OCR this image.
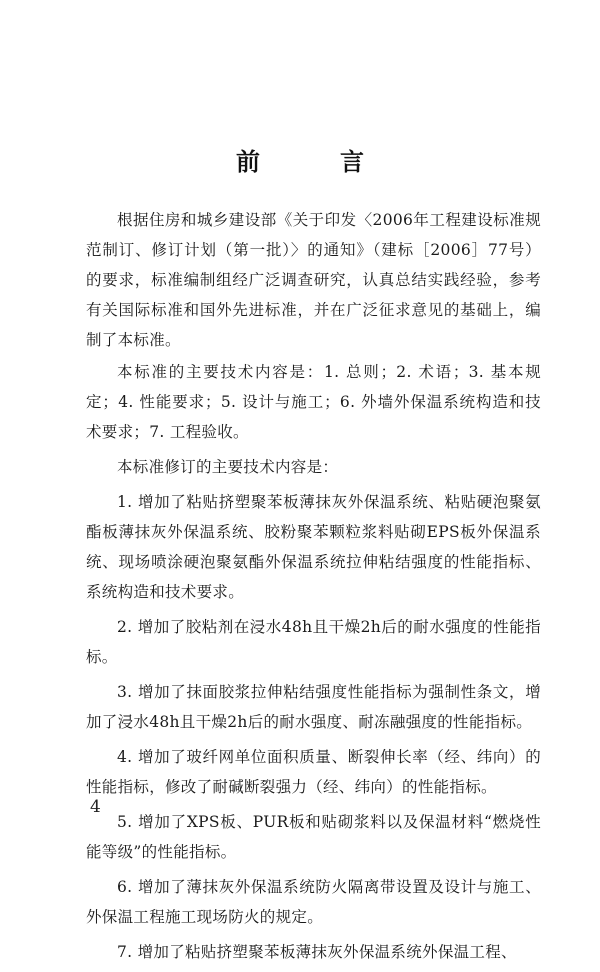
前　言

根据住房和城乡建设部《关于印发〈2006年工程建设标准规范制订、修订计划（第一批）〉的通知》（建标［2006］77号）的要求，标准编制组经广泛调查研究，认真总结实践经验，参考有关国际标准和国外先进标准，并在广泛征求意见的基础上，编制了本标准。

本标准的主要技术内容是：1. 总则；2. 术语；3. 基本规定；4. 性能要求；5. 设计与施工；6. 外墙外保温系统构造和技术要求；7. 工程验收。

本标准修订的主要技术内容是：

1. 增加了粘贴挤塑聚苯板薄抹灰外保温系统、粘贴硬泡聚氨酯板薄抹灰外保温系统、胶粉聚苯颗粒浆料贴砌EPS板外保温系统、现场喷涂硬泡聚氨酯外保温系统拉伸粘结强度的性能指标、系统构造和技术要求。

2. 增加了胶粘剂在浸水48h且干燥2h后的耐水强度的性能指标。

3. 增加了抹面胶浆拉伸粘结强度性能指标为强制性条文，增加了浸水48h且干燥2h后的耐水强度、耐冻融强度的性能指标。

4. 增加了玻纤网单位面积质量、断裂伸长率（经、纬向）的性能指标，修改了耐碱断裂强力（经、纬向）的性能指标。

5. 增加了XPS板、PUR板和贴砌浆料以及保温材料“燃烧性能等级”的性能指标。

6. 增加了薄抹灰外保温系统防火隔离带设置及设计与施工、外保温工程施工现场防火的规定。

7. 增加了粘贴挤塑聚苯板薄抹灰外保温系统外保温工程、

4
